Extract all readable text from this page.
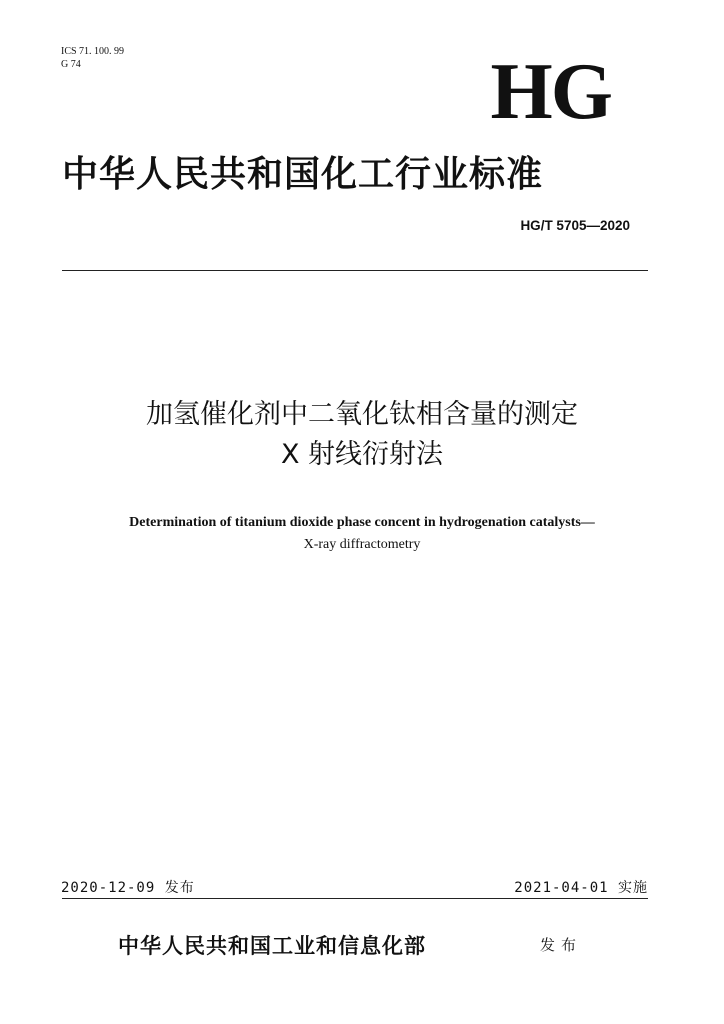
ICS 71. 100. 99
G 74	HG
中华人民共和国化工行业标准
HG/T 5705—2020
加氢催化剂中二氧化钛相含量的测定
X 射线衍射法
Determination of titanium dioxide phase concent in hydrogenation catalysts—
X-ray diffractometry
2020-12-09 发布	2021-04-01 实施
中华人民共和国工业和信息化部	发布
